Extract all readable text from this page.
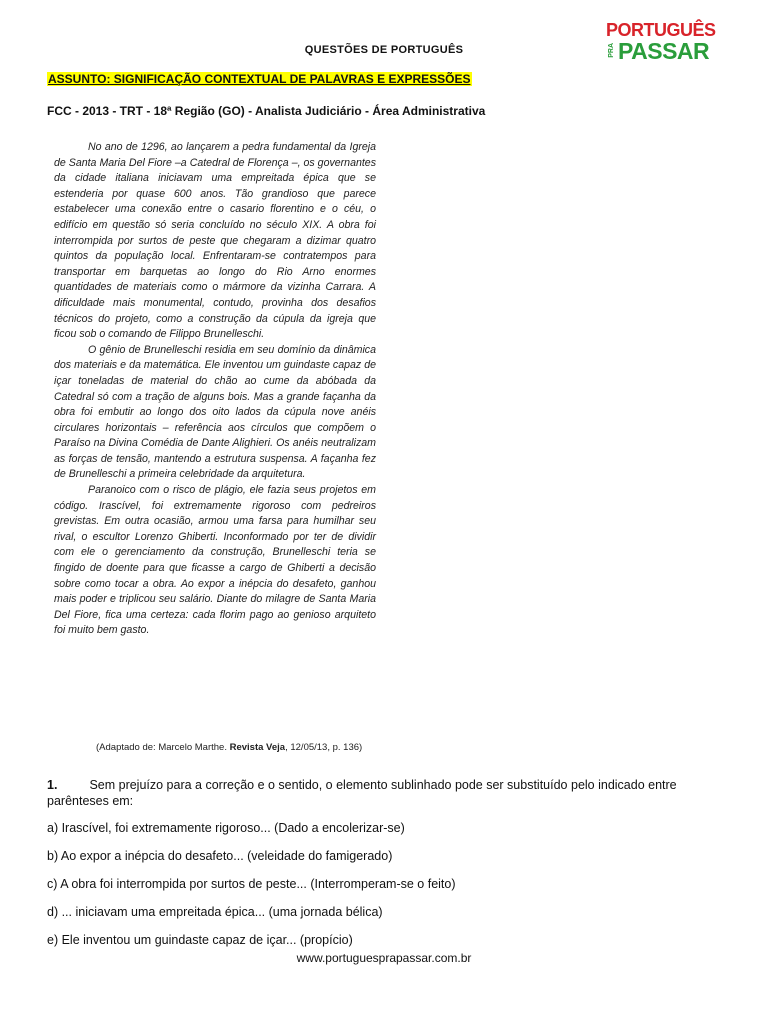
PORTUGUÊS
PRA PASSAR
QUESTÕES DE PORTUGUÊS
ASSUNTO: SIGNIFICAÇÃO CONTEXTUAL DE PALAVRAS E EXPRESSÕES
FCC - 2013 - TRT - 18ª Região (GO) - Analista Judiciário - Área Administrativa

No ano de 1296, ao lançarem a pedra fundamental da Igreja de Santa Maria Del Fiore –a Catedral de Florença –, os governantes da cidade italiana iniciavam uma empreitada épica que se estenderia por quase 600 anos. Tão grandioso que parece estabelecer uma conexão entre o casario florentino e o céu, o edifício em questão só seria concluído no século XIX. A obra foi interrompida por surtos de peste que chegaram a dizimar quatro quintos da população local. Enfrentaram-se contratempos para transportar em barquetas ao longo do Rio Arno enormes quantidades de materiais como o mármore da vizinha Carrara. A dificuldade mais monumental, contudo, provinha dos desafios técnicos do projeto, como a construção da cúpula da igreja que ficou sob o comando de Filippo Brunelleschi.

O gênio de Brunelleschi residia em seu domínio da dinâmica dos materiais e da matemática. Ele inventou um guindaste capaz de içar toneladas de material do chão ao cume da abóbada da Catedral só com a tração de alguns bois. Mas a grande façanha da obra foi embutir ao longo dos oito lados da cúpula nove anéis circulares horizontais – referência aos círculos que compõem o Paraíso na Divina Comédia de Dante Alighieri. Os anéis neutralizam as forças de tensão, mantendo a estrutura suspensa. A façanha fez de Brunelleschi a primeira celebridade da arquitetura.

Paranoico com o risco de plágio, ele fazia seus projetos em código. Irascível, foi extremamente rigoroso com pedreiros grevistas. Em outra ocasião, armou uma farsa para humilhar seu rival, o escultor Lorenzo Ghiberti. Inconformado por ter de dividir com ele o gerenciamento da construção, Brunelleschi teria se fingido de doente para que ficasse a cargo de Ghiberti a decisão sobre como tocar a obra. Ao expor a inépcia do desafeto, ganhou mais poder e triplicou seu salário. Diante do milagre de Santa Maria Del Fiore, fica uma certeza: cada florim pago ao genioso arquiteto foi muito bem gasto.

(Adaptado de: Marcelo Marthe. Revista Veja, 12/05/13, p. 136)
1.	Sem prejuízo para a correção e o sentido, o elemento sublinhado pode ser substituído pelo indicado entre parênteses em:
a) Irascível, foi extremamente rigoroso... (Dado a encolerizar-se)
b) Ao expor a inépcia do desafeto... (veleidade do famigerado)
c) A obra foi interrompida por surtos de peste... (Interromperam-se o feito)
d) ... iniciavam uma empreitada épica... (uma jornada bélica)
e) Ele inventou um guindaste capaz de içar... (propício)
www.portuguesprapassar.com.br
